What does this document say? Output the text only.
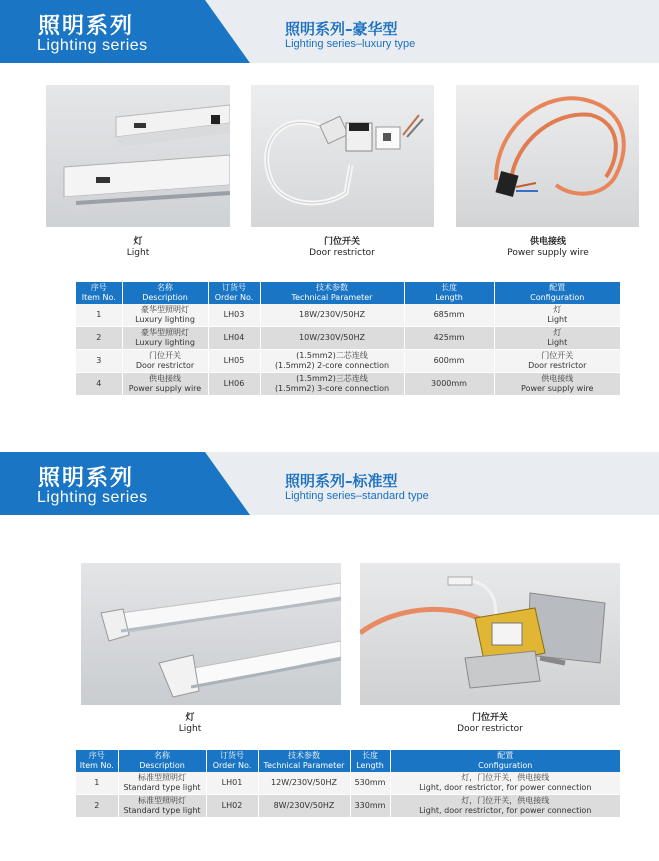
照明系列
Lighting series
照明系列–豪华型
Lighting series–luxury type
灯
Light
门位开关
Door restrictor
供电接线
Power supply wire
序号
Item No.	名称
Description	订货号
Order No.	技术参数
Technical Parameter	长度
Length	配置
Configuration

1	豪华型照明灯
Luxury lighting	LH03	18W/230V/50HZ	685mm	灯
Light

2	豪华型照明灯
Luxury lighting	LH04	10W/230V/50HZ	425mm	灯
Light

3	门位开关
Door restrictor	LH05	(1.5mm2)二芯连线
(1.5mm2) 2-core connection	600mm	门位开关
Door restrictor

4	供电接线
Power supply wire	LH06	(1.5mm2)三芯连线
(1.5mm2) 3-core connection	3000mm	供电接线
Power supply wire
照明系列
Lighting series
照明系列–标准型
Lighting series–standard type
灯
Light
门位开关
Door restrictor
序号
Item No.	名称
Description	订货号
Order No.	技术参数
Technical Parameter	长度
Length	配置
Configuration

1	标准型照明灯
Standard type light	LH01	12W/230V/50HZ	530mm	灯，门位开关，供电接线
Light, door restrictor, for power connection

2	标准型照明灯
Standard type light	LH02	8W/230V/50HZ	330mm	灯，门位开关，供电接线
Light, door restrictor, for power connection
